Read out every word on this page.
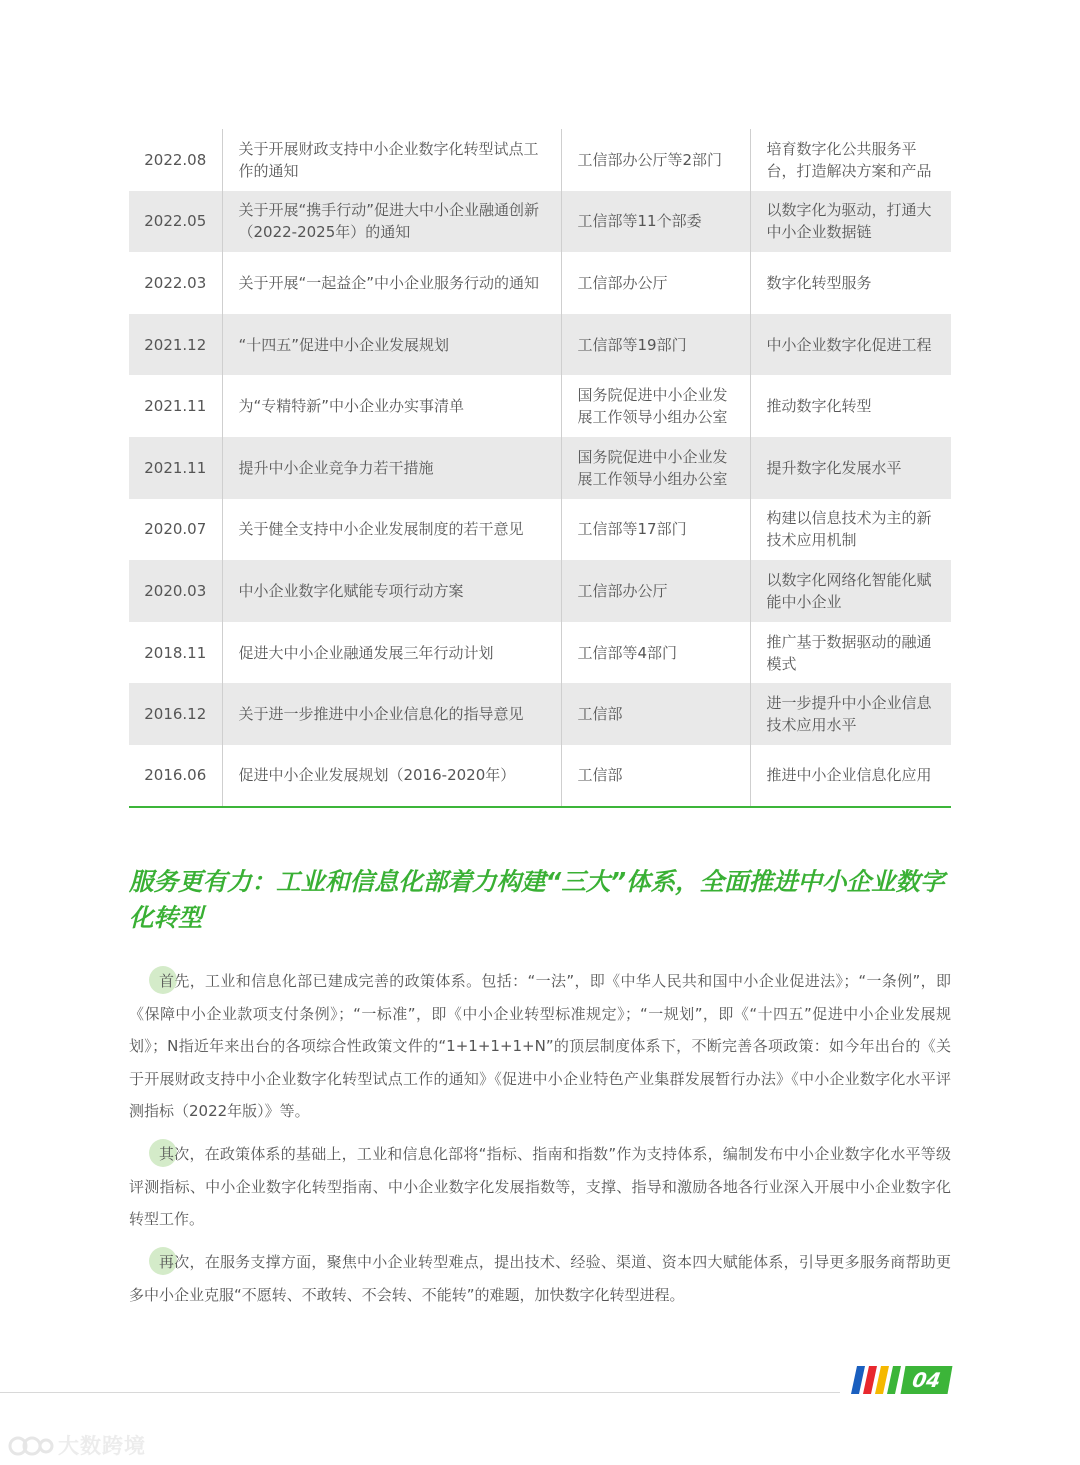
2022.08	关于开展财政支持中小企业数字化转型试点工作的通知	工信部办公厅等2部门	培育数字化公共服务平台，打造解决方案和产品
2022.05	关于开展“携手行动”促进大中小企业融通创新（2022-2025年）的通知	工信部等11个部委	以数字化为驱动，打通大中小企业数据链
2022.03	关于开展“一起益企”中小企业服务行动的通知	工信部办公厅	数字化转型服务
2021.12	“十四五”促进中小企业发展规划	工信部等19部门	中小企业数字化促进工程
2021.11	为“专精特新”中小企业办实事清单	国务院促进中小企业发展工作领导小组办公室	推动数字化转型
2021.11	提升中小企业竞争力若干措施	国务院促进中小企业发展工作领导小组办公室	提升数字化发展水平
2020.07	关于健全支持中小企业发展制度的若干意见	工信部等17部门	构建以信息技术为主的新技术应用机制
2020.03	中小企业数字化赋能专项行动方案	工信部办公厅	以数字化网络化智能化赋能中小企业
2018.11	促进大中小企业融通发展三年行动计划	工信部等4部门	推广基于数据驱动的融通模式
2016.12	关于进一步推进中小企业信息化的指导意见	工信部	进一步提升中小企业信息技术应用水平
2016.06	促进中小企业发展规划（2016-2020年）	工信部	推进中小企业信息化应用
服务更有力：工业和信息化部着力构建“三大”体系，全面推进中小企业数字化转型

首先，工业和信息化部已建成完善的政策体系。包括：“一法”，即《中华人民共和国中小企业促进法》；“一条例”，即《保障中小企业款项支付条例》；“一标准”，即《中小企业转型标准规定》；“一规划”，即《“十四五”促进中小企业发展规划》；N指近年来出台的各项综合性政策文件的“1+1+1+1+N”的顶层制度体系下，不断完善各项政策：如今年出台的《关于开展财政支持中小企业数字化转型试点工作的通知》《促进中小企业特色产业集群发展暂行办法》《中小企业数字化水平评测指标（2022年版）》等。

其次，在政策体系的基础上，工业和信息化部将“指标、指南和指数”作为支持体系，编制发布中小企业数字化水平等级评测指标、中小企业数字化转型指南、中小企业数字化发展指数等，支撑、指导和激励各地各行业深入开展中小企业数字化转型工作。

再次，在服务支撑方面，聚焦中小企业转型难点，提出技术、经验、渠道、资本四大赋能体系，引导更多服务商帮助更多中小企业克服“不愿转、不敢转、不会转、不能转”的难题，加快数字化转型进程。

04
大数跨境
